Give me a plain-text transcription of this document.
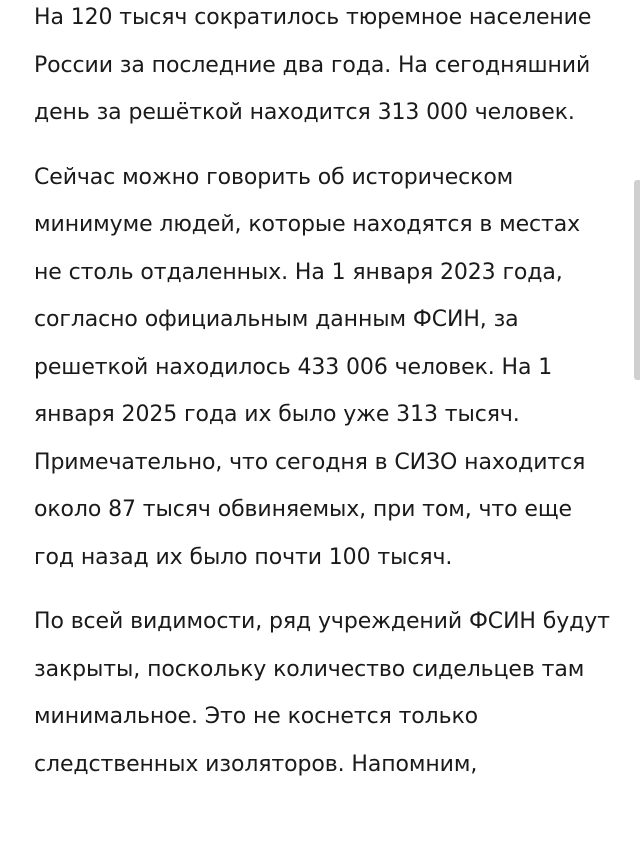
На 120 тысяч сократилось тюремное население России за последние два года. На сегодняшний день за решёткой находится 313 000 человек.

Сейчас можно говорить об историческом минимуме людей, которые находятся в местах не столь отдаленных. На 1 января 2023 года, согласно официальным данным ФСИН, за решеткой находилось 433 006 человек. На 1 января 2025 года их было уже 313 тысяч. Примечательно, что сегодня в СИЗО находится около 87 тысяч обвиняемых, при том, что еще год назад их было почти 100 тысяч.

По всей видимости, ряд учреждений ФСИН будут закрыты, поскольку количество сидельцев там минимальное. Это не коснется только следственных изоляторов. Напомним,
